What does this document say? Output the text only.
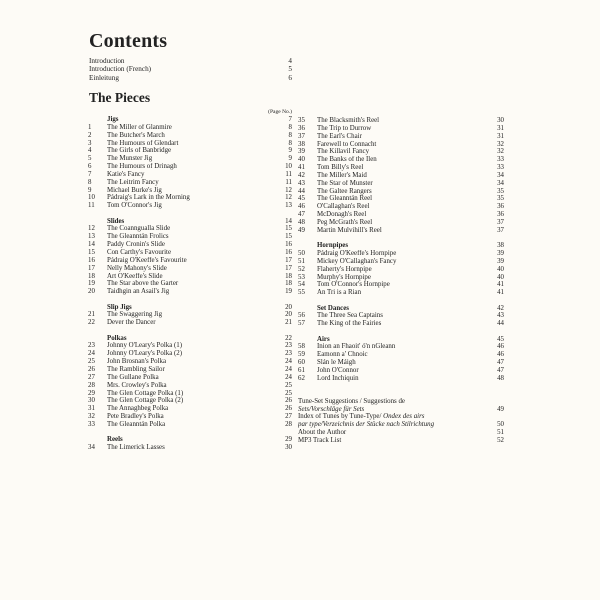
Contents
Introduction	4
Introduction (French)	5
Einleitung	6
The Pieces
(Page No.)
Jigs	7
1	The Miller of Glanmire	8
2	The Butcher's March	8
3	The Humours of Glendart	8
4	The Girls of Banbridge	9
5	The Munster Jig	9
6	The Humours of Drinagh	10
7	Katie's Fancy	11
8	The Leitrim Fancy	11
9	Michael Burke's Jig	12
10	Pádraig's Lark in the Morning	12
11	Tom O'Connor's Jig	13
Slides	14
12	The Coanngualla Slide	15
13	The Gleanntán Frolics	15
14	Paddy Cronin's Slide	16
15	Con Carthy's Favourite	16
16	Pádraig O'Keeffe's Favourite	17
17	Nelly Mahony's Slide	17
18	Art O'Keeffe's Slide	18
19	The Star above the Garter	18
20	Taidhgin an Asail's Jig	19
Slip Jigs	20
21	The Swaggering Jig	20
22	Dever the Dancer	21
Polkas	22
23	Johnny O'Leary's Polka (1)	23
24	Johnny O'Leary's Polka (2)	23
25	John Brosnan's Polka	24
26	The Rambling Sailor	24
27	The Gullane Polka	24
28	Mrs. Crowley's Polka	25
29	The Glen Cottage Polka (1)	25
30	The Glen Cottage Polka (2)	26
31	The Annaghbeg Polka	26
32	Pete Bradley's Polka	27
33	The Gleanntán Polka	28
Reels	29
34	The Limerick Lasses	30
35	The Blacksmith's Reel	30
36	The Trip to Durrow	31
37	The Earl's Chair	31
38	Farewell to Connacht	32
39	The Killavil Fancy	32
40	The Banks of the Ilen	33
41	Tom Billy's Reel	33
42	The Miller's Maid	34
43	The Star of Munster	34
44	The Galtee Rangers	35
45	The Gleanntán Reel	35
46	O'Callaghan's Reel	36
47	McDonagh's Reel	36
48	Peg McGrath's Reel	37
49	Martin Mulvihill's Reel	37
Hornpipes	38
50	Pádraig O'Keeffe's Hornpipe	39
51	Mickey O'Callaghan's Fancy	39
52	Flaherty's Hornpipe	40
53	Murphy's Hornpipe	40
54	Tom O'Connor's Hornpipe	41
55	An Tri is a Rian	41
Set Dances	42
56	The Three Sea Captains	43
57	The King of the Fairies	44
Airs	45
58	Inion an Fhaoit' ó'n nGleann	46
59	Éamonn a' Chnoic	46
60	Slán le Máigh	47
61	John O'Connor	47
62	Lord Inchiquin	48
Tune-Set Suggestions / Suggestions de
Sets/Vorschläge für Sets	49
Index of Tunes by Tune-Type/ Ondex des airs
par type/Verzeichnis der Stücke nach Stilrichtung	50
About the Author	51
MP3 Track List	52
